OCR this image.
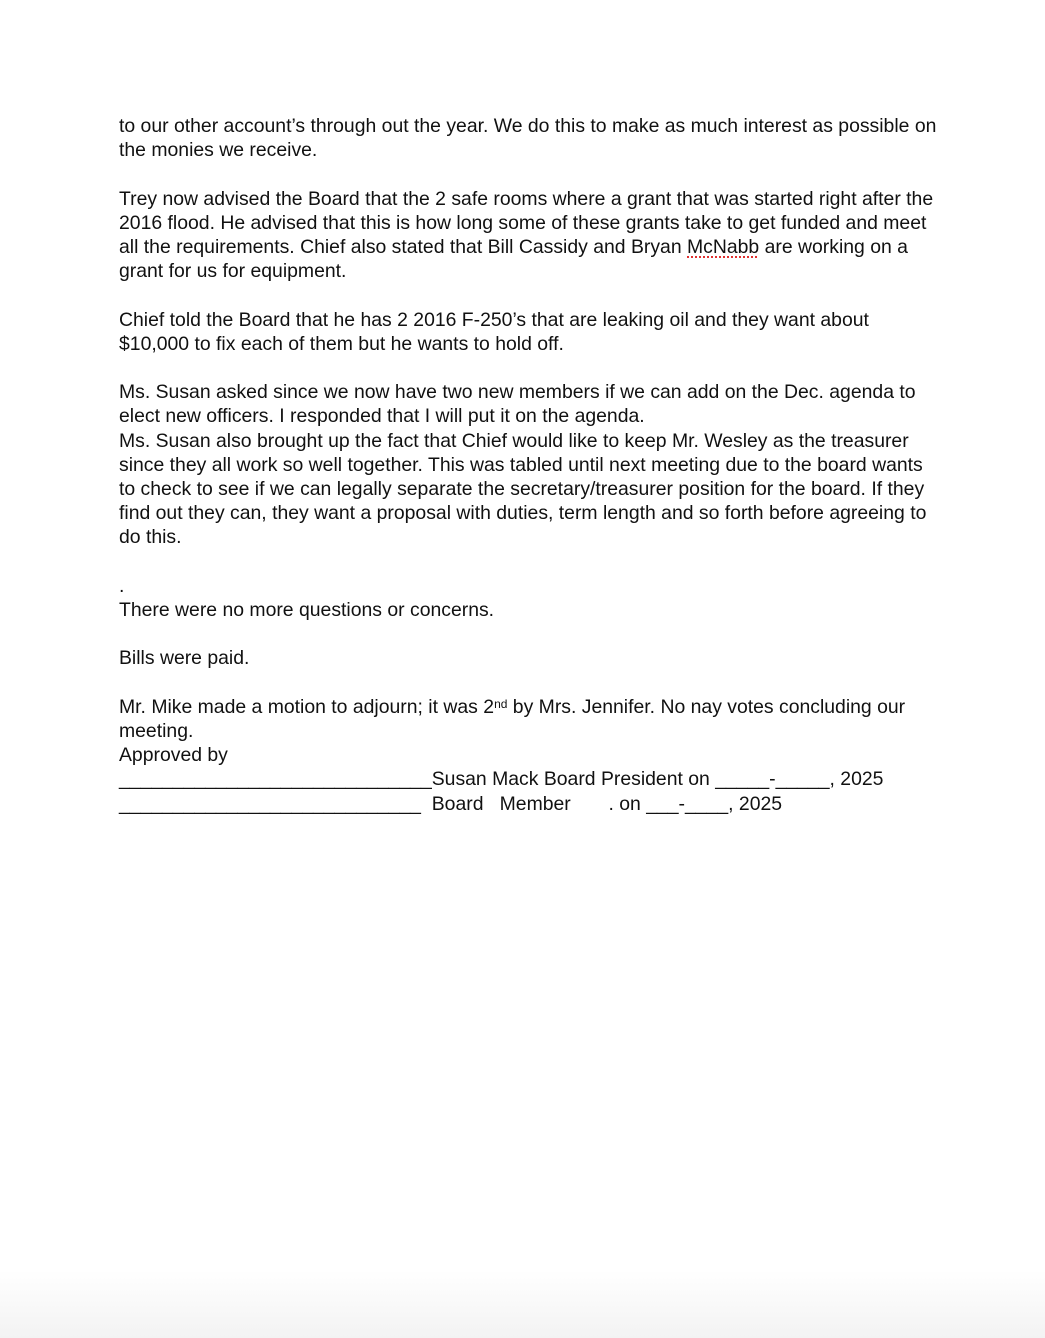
to our other account’s through out the year. We do this to make as much interest as possible on the monies we receive.

Trey now advised the Board that the 2 safe rooms where a grant that was started right after the 2016 flood. He advised that this is how long some of these grants take to get funded and meet all the requirements. Chief also stated that Bill Cassidy and Bryan McNabb are working on a grant for us for equipment.

Chief told the Board that he has 2 2016 F-250’s that are leaking oil and they want about $10,000 to fix each of them but he wants to hold off.

Ms. Susan asked since we now have two new members if we can add on the Dec. agenda to elect new officers. I responded that I will put it on the agenda.

Ms. Susan also brought up the fact that Chief would like to keep Mr. Wesley as the treasurer since they all work so well together. This was tabled until next meeting due to the board wants to check to see if we can legally separate the secretary/treasurer position for the board. If they find out they can, they want a proposal with duties, term length and so forth before agreeing to do this.

.

There were no more questions or concerns.

Bills were paid.

Mr. Mike made a motion to adjourn; it was 2nd by Mrs. Jennifer. No nay votes concluding our meeting.

Approved by

_____________________________Susan Mack Board President on _____-_____, 2025

____________________________  Board   Member       . on ___-____, 2025
